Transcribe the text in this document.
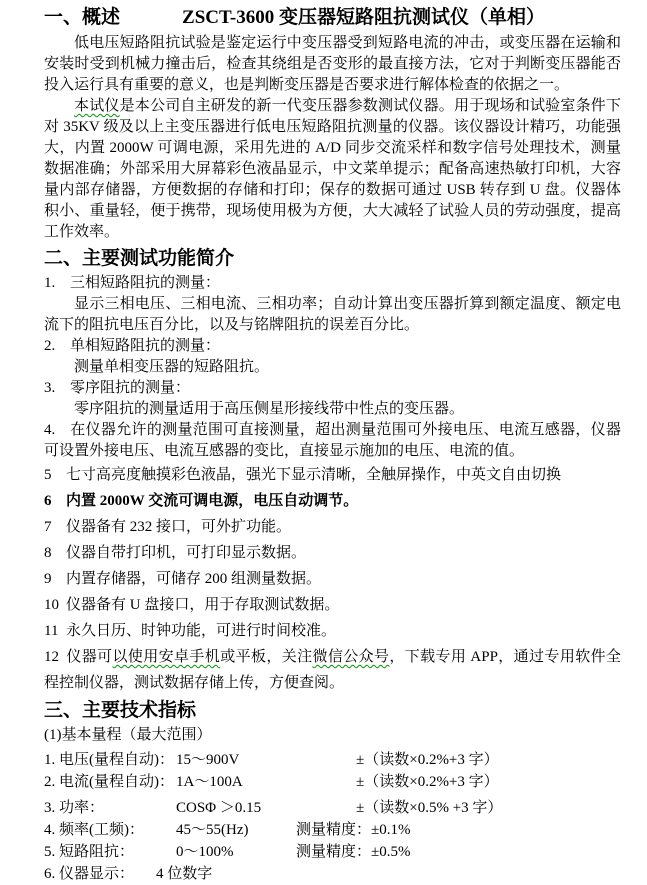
一、概述	ZSCT-3600 变压器短路阻抗测试仪（单相）

低电压短路阻抗试验是鉴定运行中变压器受到短路电流的冲击，或变压器在运输和安装时受到机械力撞击后，检查其绕组是否变形的最直接方法，它对于判断变压器能否投入运行具有重要的意义，也是判断变压器是否要求进行解体检查的依据之一。

本试仪是本公司自主研发的新一代变压器参数测试仪器。用于现场和试验室条件下对 35KV 级及以上主变压器进行低电压短路阻抗测量的仪器。该仪器设计精巧，功能强大，内置 2000W 可调电源，采用先进的 A/D 同步交流采样和数字信号处理技术，测量数据准确；外部采用大屏幕彩色液晶显示，中文菜单提示；配备高速热敏打印机，大容量内部存储器，方便数据的存储和打印；保存的数据可通过 USB 转存到 U 盘。仪器体积小、重量轻，便于携带，现场使用极为方便，大大减轻了试验人员的劳动强度，提高工作效率。

二、主要测试功能简介
1. 三相短路阻抗的测量：

显示三相电压、三相电流、三相功率；自动计算出变压器折算到额定温度、额定电流下的阻抗电压百分比，以及与铭牌阻抗的误差百分比。

2. 单相短路阻抗的测量：

测量单相变压器的短路阻抗。

3. 零序阻抗的测量：

零序阻抗的测量适用于高压侧星形接线带中性点的变压器。

4. 在仪器允许的测量范围可直接测量，超出测量范围可外接电压、电流互感器，仪器可设置外接电压、电流互感器的变比，直接显示施加的电压、电流的值。

5 七寸高亮度触摸彩色液晶，强光下显示清晰，全触屏操作，中英文自由切换

6 内置 2000W 交流可调电源，电压自动调节。

7 仪器备有 232 接口，可外扩功能。

8 仪器自带打印机，可打印显示数据。

9 内置存储器，可储存 200 组测量数据。

10 仪器备有 U 盘接口，用于存取测试数据。

11 永久日历、时钟功能，可进行时间校准。

12 仪器可以使用安卓手机或平板，关注微信公众号，下载专用 APP，通过专用软件全程控制仪器，测试数据存储上传，方便查阅。

三、主要技术指标
(1)基本量程（最大范围）
1. 电压(量程自动)： 15～900V	±（读数×0.2%+3 字）
2. 电流(量程自动)： 1A～100A	±（读数×0.2%+3 字）
3. 功率：	COSΦ ＞0.15	±（读数×0.5% +3 字）
4. 频率(工频)：	45～55(Hz)	测量精度：±0.1%
5. 短路阻抗：	0～100%	测量精度：±0.5%
6. 仪器显示：	4 位数字
